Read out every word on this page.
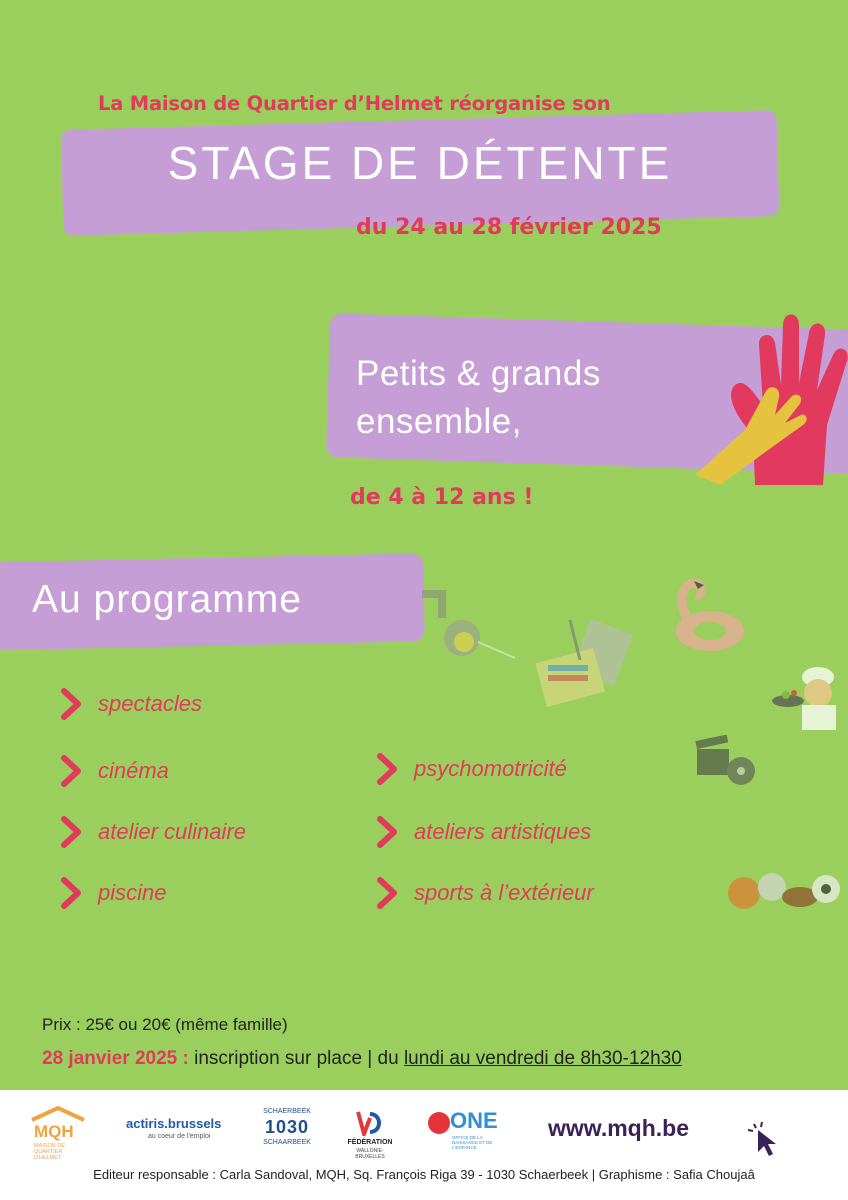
La Maison de Quartier d’Helmet réorganise son
STAGE DE DÉTENTE
du 24 au 28 février 2025
Petits & grands
ensemble,
de 4 à 12 ans !
Au programme
spectacles
cinéma
atelier culinaire
piscine
psychomotricité
ateliers artistiques
sports à l’extérieur
Prix : 25€ ou 20€ (même famille)
28 janvier 2025 : inscription sur place | du lundi au vendredi de 8h30-12h30
MQH
MAISON DE QUARTIER D'HELMET
actiris.brussels
au coeur de l'emploi
SCHAERBEEK
1030
SCHAARBEEK	FÉDÉRATION
WALLONIE-BRUXELLES
ONE
OFFICE DE LA NAISSANCE ET DE L'ENFANCE
www.mqh.be
Editeur responsable : Carla Sandoval, MQH, Sq. François Riga 39 - 1030 Schaerbeek | Graphisme : Safia Choujaâ
